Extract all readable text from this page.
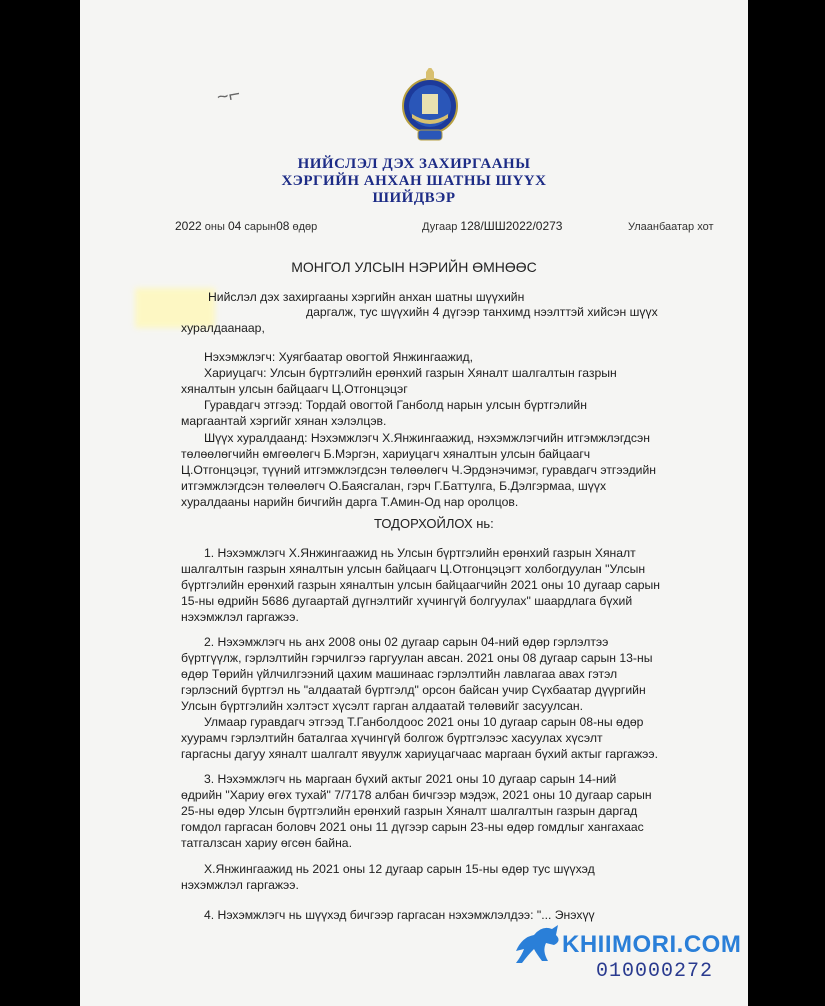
~⌐
НИЙСЛЭЛ ДЭХ ЗАХИРГААНЫ
ХЭРГИЙН АНХАН ШАТНЫ ШҮҮХ
ШИЙДВЭР
2022 оны 04 сарын08 өдөр	Дугаар 128/ШШ2022/0273	Улаанбаатар хот
МОНГОЛ УЛСЫН НЭРИЙН ӨМНӨӨС
Нийслэл дэх захиргааны хэргийн анхан шатны шүүхийн
даргалж, тус шүүхийн 4 дүгээр танхимд нээлттэй хийсэн шүүх
хуралдаанаар,
Нэхэмжлэгч: Хуягбаатар овогтой Янжингаажид,
Хариуцагч: Улсын бүртгэлийн ерөнхий газрын Хяналт шалгалтын газрын
хяналтын улсын байцаагч Ц.Отгонцэцэг
Гуравдагч этгээд: Тордай овогтой Ганболд нарын улсын бүртгэлийн
маргаантай хэргийг хянан хэлэлцэв.
Шүүх хуралдаанд: Нэхэмжлэгч Х.Янжингаажид, нэхэмжлэгчийн итгэмжлэгдсэн
төлөөлөгчийн өмгөөлөгч Б.Мэргэн, хариуцагч хяналтын улсын байцаагч
Ц.Отгонцэцэг, түүний итгэмжлэгдсэн төлөөлөгч Ч.Эрдэнэчимэг, гуравдагч этгээдийн
итгэмжлэгдсэн төлөөлөгч О.Баясгалан, гэрч Г.Баттулга, Б.Дэлгэрмаа, шүүх
хуралдааны нарийн бичгийн дарга Т.Амин-Од нар оролцов.
ТОДОРХОЙЛОХ нь:
1. Нэхэмжлэгч Х.Янжингаажид нь Улсын бүртгэлийн ерөнхий газрын Хяналт
шалгалтын газрын хяналтын улсын байцаагч Ц.Отгонцэцэгт холбогдуулан "Улсын
бүртгэлийн ерөнхий газрын хяналтын улсын байцаагчийн 2021 оны 10 дугаар сарын
15-ны өдрийн 5686 дугаартай дүгнэлтийг хүчингүй болгуулах" шаардлага бүхий
нэхэмжлэл гаргажээ.
2. Нэхэмжлэгч нь анх 2008 оны 02 дугаар сарын 04-ний өдөр гэрлэлтээ
бүртгүүлж, гэрлэлтийн гэрчилгээ гаргуулан авсан. 2021 оны 08 дугаар сарын 13-ны
өдөр Төрийн үйлчилгээний цахим машинаас гэрлэлтийн лавлагаа авах гэтэл
гэрлэсний бүртгэл нь "алдаатай бүртгэлд" орсон байсан учир Сүхбаатар дүүргийн
Улсын бүртгэлийн хэлтэст хүсэлт гарган алдаатай төлөвийг засуулсан.
Улмаар гуравдагч этгээд Т.Ганболдоос 2021 оны 10 дугаар сарын 08-ны өдөр
хуурамч гэрлэлтийн баталгаа хүчингүй болгож бүртгэлээс хасуулах хүсэлт
гаргасны дагуу хяналт шалгалт явуулж хариуцагчаас маргаан бүхий актыг гаргажээ.
3. Нэхэмжлэгч нь маргаан бүхий актыг 2021 оны 10 дугаар сарын 14-ний
өдрийн "Хариу өгөх тухай" 7/7178 албан бичгээр мэдэж, 2021 оны 10 дугаар сарын
25-ны өдөр Улсын бүртгэлийн ерөнхий газрын Хяналт шалгалтын газрын даргад
гомдол гаргасан боловч 2021 оны 11 дүгээр сарын 23-ны өдөр гомдлыг хангахаас
татгалзсан хариу өгсөн байна.
Х.Янжингаажид нь 2021 оны 12 дугаар сарын 15-ны өдөр тус шүүхэд
нэхэмжлэл гаргажээ.
4. Нэхэмжлэгч нь шүүхэд бичгээр гаргасан нэхэмжлэлдээ: "... Энэхүү
KHIIMORI.COM
010000272
